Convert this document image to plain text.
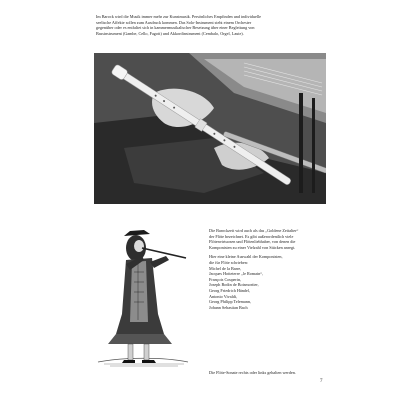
Im Barock wird die Musik immer mehr zur Kunstmusik. Persönliches Empfinden und individuelle
seelische Affekte sollen zum Ausdruck kommen. Das Solo-Instrument steht einem Orchester
gegenüber oder es entfaltet sich in kammermusikalischer Besetzung über einer Begleitung von
Bassinstrument (Gambe, Cello, Fagott) und Akkordinstrument (Cembalo, Orgel, Laute).
Die Barockzeit wird auch als das „Goldene Zeitalter“
der Flöte bezeichnet. Es gibt außerordentlich viele
Flötenvirtuosen und Flötenliebhaber, von denen die
Komponisten zu einer Vielzahl von Stücken anregt.
Hier eine kleine Auswahl der Komponisten,
die für Flöte schrieben:
Michel de la Barre,
Jacques Hotteterre „le Romain“,
François Couperin,
Joseph Bodin de Boismortier,
Georg Friedrich Händel,
Antonio Vivaldi,
Georg Philipp Telemann,
Johann Sebastian Bach
Die Flöte-Sonate rechts oder links gehalten werden.
7
